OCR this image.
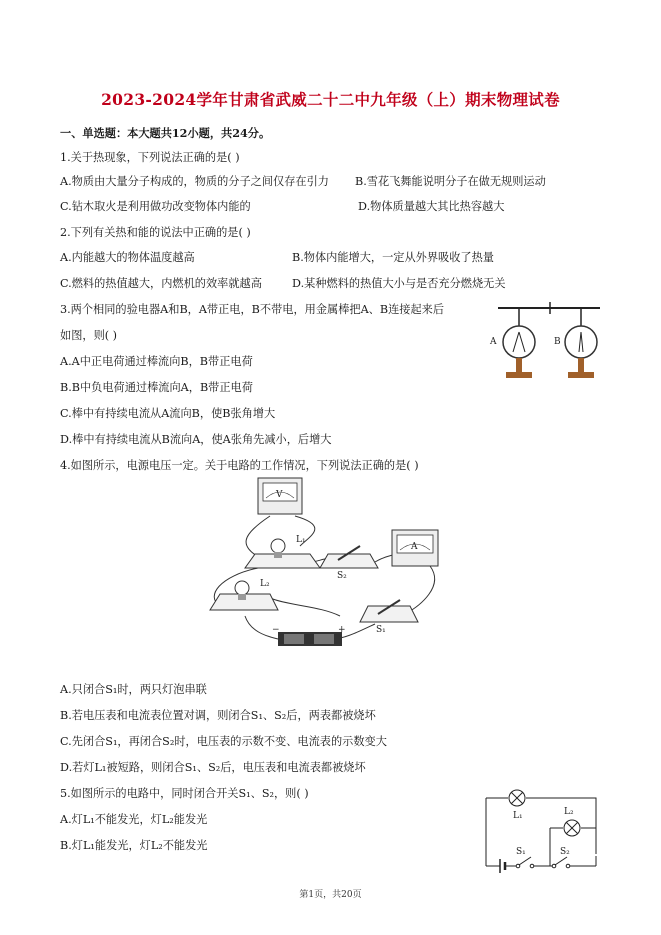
2023-2024学年甘肃省武威二十二中九年级（上）期末物理试卷
一、单选题：本大题共12小题，共24分。
1.关于热现象，下列说法正确的是( )
A.物质由大量分子构成的，物质的分子之间仅存在引力 B.雪花飞舞能说明分子在做无规则运动
C.钻木取火是利用做功改变物体内能的	D.物体质量越大其比热容越大
2.下列有关热和能的说法中正确的是( )
A.内能越大的物体温度越高	B.物体内能增大，一定从外界吸收了热量
C.燃料的热值越大，内燃机的效率就越高	D.某种燃料的热值大小与是否充分燃烧无关
3.两个相同的验电器A和B，A带正电，B不带电，用金属棒把A、B连接起来后
如图，则( )
A.A中正电荷通过棒流向B，B带正电荷
B.B中负电荷通过棒流向A，B带正电荷
C.棒中有持续电流从A流向B，使B张角增大
D.棒中有持续电流从B流向A，使A张角先减小，后增大
A	B
4.如图所示，电源电压一定。关于电路的工作情况，下列说法正确的是( )
V
L₁
S₂
A
L₂
S₁
−	+
A.只闭合S₁时，两只灯泡串联
B.若电压表和电流表位置对调，则闭合S₁、S₂后，两表都被烧坏
C.先闭合S₁，再闭合S₂时，电压表的示数不变、电流表的示数变大
D.若灯L₁被短路，则闭合S₁、S₂后，电压表和电流表都被烧坏
5.如图所示的电路中，同时闭合开关S₁、S₂，则( )
A.灯L₁不能发光，灯L₂能发光
B.灯L₁能发光，灯L₂不能发光
L₁	L₂
S₁	S₂
第1页，共20页
